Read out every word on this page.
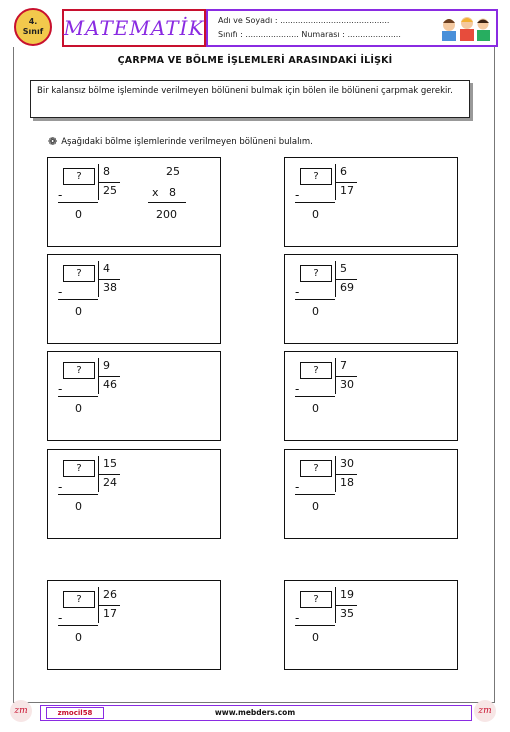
4.
Sınıf MATEMATİK Adı ve Soyadı : ...........................................
Sınıfı : ..................... Numarası : .....................
ÇARPMA VE BÖLME İŞLEMLERİ ARASINDAKİ İLİŞKİ
Bir kalansız bölme işleminde verilmeyen bölüneni bulmak için bölen ile bölüneni çarpmak gerekir.
❁ Aşağıdaki bölme işlemlerinde verilmeyen bölüneni bulalım.
?	8
25
-
0
25
x   8
200
?	6
17
-
0
?	4
38
-
0
?	5
69
-
0
?	9
46
-
0
?	7
30
-
0
?	15
24
-
0
?	30
18
-
0
?	26
17
-
0
?	19
35
-
0
zmocil58	www.mebders.com
zm	zm
